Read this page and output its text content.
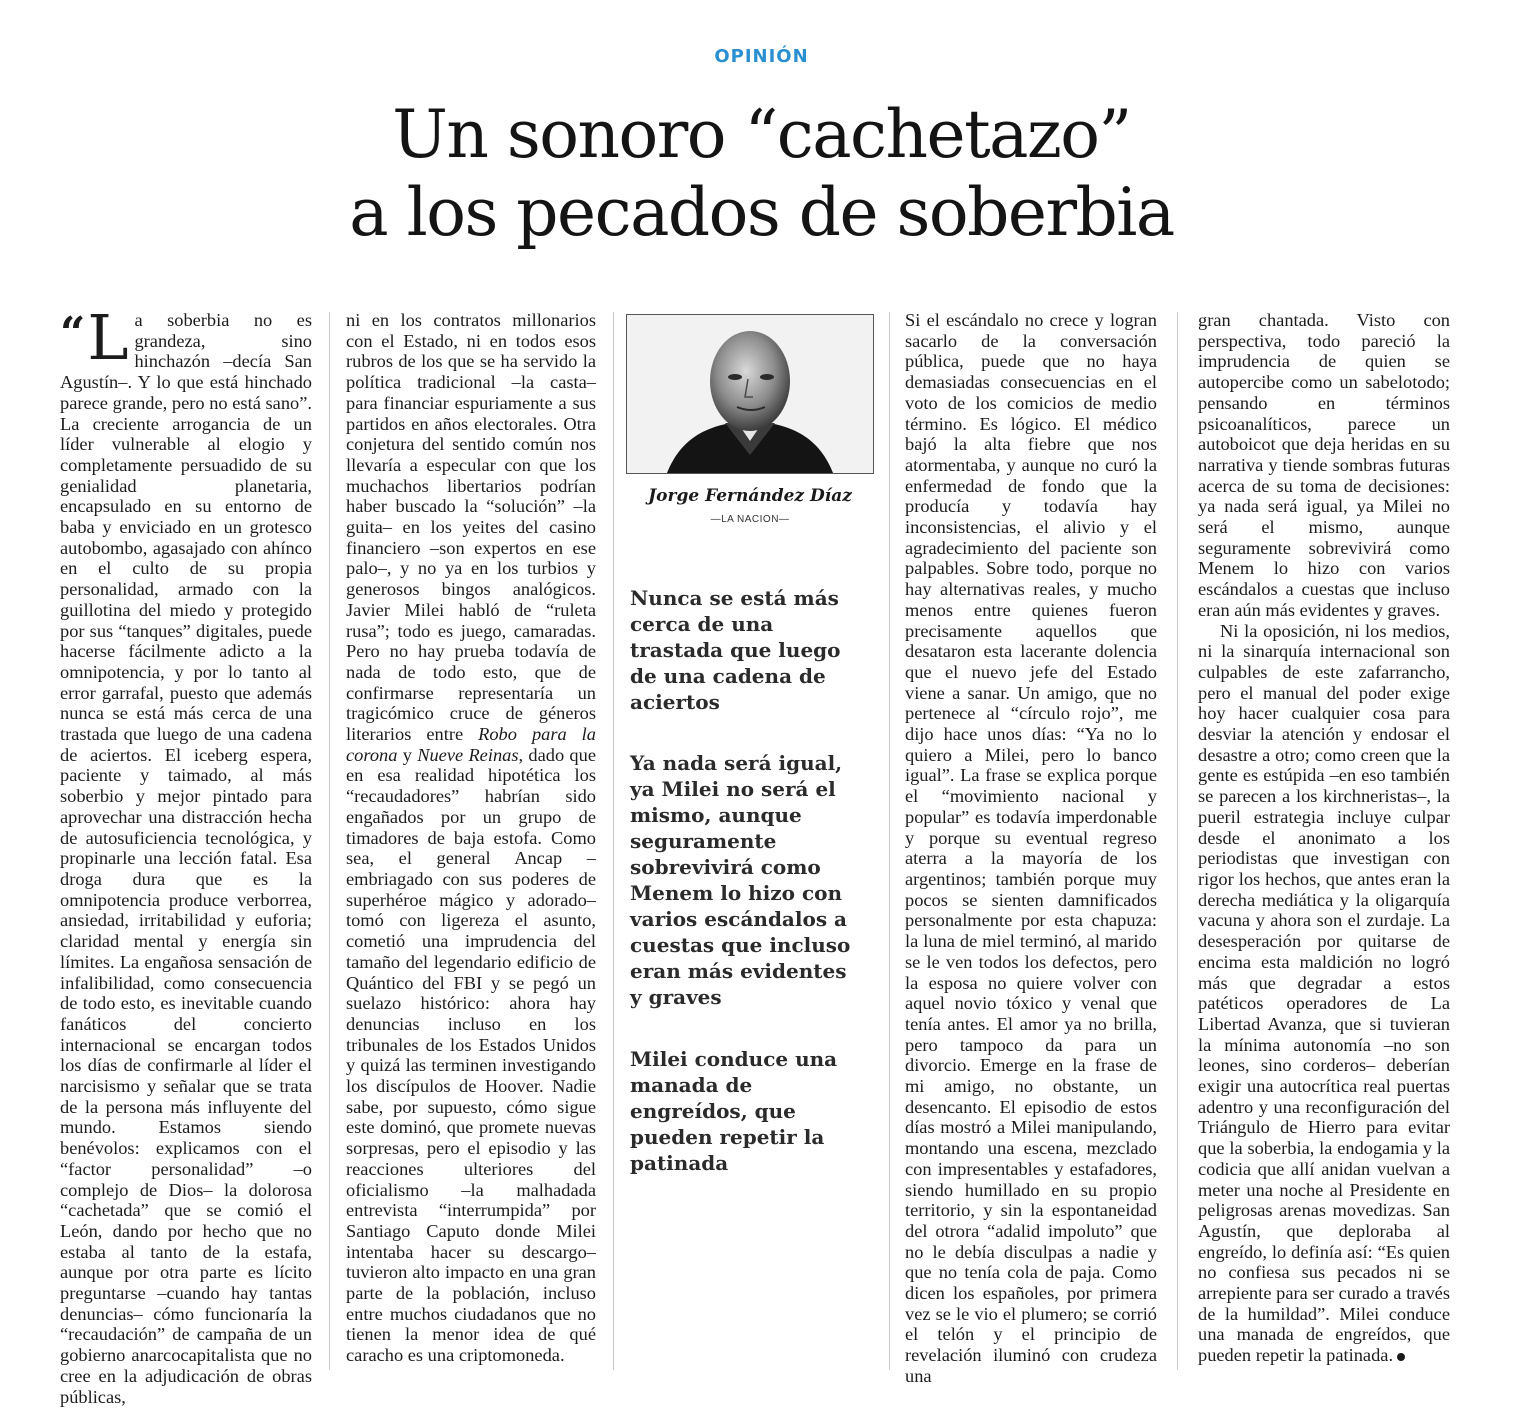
OPINIÓN
Un sonoro “cachetazo”
a los pecados de soberbia

“ L a soberbia no es grandeza, sino hinchazón –decía San Agustín–. Y lo que está hinchado parece grande, pero no está sano”. La creciente arrogancia de un líder vulnerable al elogio y completamente persuadido de su genialidad planetaria, encapsulado en su entorno de baba y enviciado en un grotesco autobombo, agasajado con ahínco en el culto de su propia personalidad, armado con la guillotina del miedo y protegido por sus “tanques” digitales, puede hacerse fácilmente adicto a la omnipotencia, y por lo tanto al error garrafal, puesto que además nunca se está más cerca de una trastada que luego de una cadena de aciertos. El iceberg espera, paciente y taimado, al más soberbio y mejor pintado para aprovechar una distracción hecha de autosuficiencia tecnológica, y propinarle una lección fatal. Esa droga dura que es la omnipotencia produce verborrea, ansiedad, irritabilidad y euforia; claridad mental y energía sin límites. La engañosa sensación de infalibilidad, como consecuencia de todo esto, es inevitable cuando fanáticos del concierto internacional se encargan todos los días de confirmarle al líder el narcisismo y señalar que se trata de la persona más influyente del mundo. Estamos siendo benévolos: explicamos con el “factor personalidad” –o complejo de Dios– la dolorosa “cachetada” que se comió el León, dando por hecho que no estaba al tanto de la estafa, aunque por otra parte es lícito preguntarse –cuando hay tantas denuncias– cómo funcionaría la “recaudación” de campaña de un gobierno anarcocapitalista que no cree en la adjudicación de obras públicas,

ni en los contratos millonarios con el Estado, ni en todos esos rubros de los que se ha servido la política tradicional –la casta– para financiar espuriamente a sus partidos en años electorales. Otra conjetura del sentido común nos llevaría a especular con que los muchachos libertarios podrían haber buscado la “solución” –la guita– en los yeites del casino financiero –son expertos en ese palo–, y no ya en los turbios y generosos bingos analógicos. Javier Milei habló de “ruleta rusa”; todo es juego, camaradas. Pero no hay prueba todavía de nada de todo esto, que de confirmarse representaría un tragicómico cruce de géneros literarios entre Robo para la corona y Nueve Reinas, dado que en esa realidad hipotética los “recaudadores” habrían sido engañados por un grupo de timadores de baja estofa. Como sea, el general Ancap –embriagado con sus poderes de superhéroe mágico y adorado– tomó con ligereza el asunto, cometió una imprudencia del tamaño del legendario edificio de Quántico del FBI y se pegó un suelazo histórico: ahora hay denuncias incluso en los tribunales de los Estados Unidos y quizá las terminen investigando los discípulos de Hoover. Nadie sabe, por supuesto, cómo sigue este dominó, que promete nuevas sorpresas, pero el episodio y las reacciones ulteriores del oficialismo –la malhadada entrevista “interrumpida” por Santiago Caputo donde Milei intentaba hacer su descargo– tuvieron alto impacto en una gran parte de la población, incluso entre muchos ciudadanos que no tienen la menor idea de qué caracho es una criptomoneda.

Jorge Fernández Díaz
—LA NACION—

Nunca se está más cerca de una trastada que luego de una cadena de aciertos

Ya nada será igual, ya Milei no será el mismo, aunque seguramente sobrevivirá como Menem lo hizo con varios escándalos a cuestas que incluso eran más evidentes y graves

Milei conduce una manada de engreídos, que pueden repetir la patinada

Si el escándalo no crece y logran sacarlo de la conversación pública, puede que no haya demasiadas consecuencias en el voto de los comicios de medio término. Es lógico. El médico bajó la alta fiebre que nos atormentaba, y aunque no curó la enfermedad de fondo que la producía y todavía hay inconsistencias, el alivio y el agradecimiento del paciente son palpables. Sobre todo, porque no hay alternativas reales, y mucho menos entre quienes fueron precisamente aquellos que desataron esta lacerante dolencia que el nuevo jefe del Estado viene a sanar. Un amigo, que no pertenece al “círculo rojo”, me dijo hace unos días: “Ya no lo quiero a Milei, pero lo banco igual”. La frase se explica porque el “movimiento nacional y popular” es todavía imperdonable y porque su eventual regreso aterra a la mayoría de los argentinos; también porque muy pocos se sienten damnificados personalmente por esta chapuza: la luna de miel terminó, al marido se le ven todos los defectos, pero la esposa no quiere volver con aquel novio tóxico y venal que tenía antes. El amor ya no brilla, pero tampoco da para un divorcio. Emerge en la frase de mi amigo, no obstante, un desencanto. El episodio de estos días mostró a Milei manipulando, montando una escena, mezclado con impresentables y estafadores, siendo humillado en su propio territorio, y sin la espontaneidad del otrora “adalid impoluto” que no le debía disculpas a nadie y que no tenía cola de paja. Como dicen los españoles, por primera vez se le vio el plumero; se corrió el telón y el principio de revelación iluminó con crudeza una

gran chantada. Visto con perspectiva, todo pareció la imprudencia de quien se autopercibe como un sabelotodo; pensando en términos psicoanalíticos, parece un autoboicot que deja heridas en su narrativa y tiende sombras futuras acerca de su toma de decisiones: ya nada será igual, ya Milei no será el mismo, aunque seguramente sobrevivirá como Menem lo hizo con varios escándalos a cuestas que incluso eran aún más evidentes y graves.

Ni la oposición, ni los medios, ni la sinarquía internacional son culpables de este zafarrancho, pero el manual del poder exige hoy hacer cualquier cosa para desviar la atención y endosar el desastre a otro; como creen que la gente es estúpida –en eso también se parecen a los kirchneristas–, la pueril estrategia incluye culpar desde el anonimato a los periodistas que investigan con rigor los hechos, que antes eran la derecha mediática y la oligarquía vacuna y ahora son el zurdaje. La desesperación por quitarse de encima esta maldición no logró más que degradar a estos patéticos operadores de La Libertad Avanza, que si tuvieran la mínima autonomía –no son leones, sino corderos– deberían exigir una autocrítica real puertas adentro y una reconfiguración del Triángulo de Hierro para evitar que la soberbia, la endogamia y la codicia que allí anidan vuelvan a meter una noche al Presidente en peligrosas arenas movedizas. San Agustín, que deploraba al engreído, lo definía así: “Es quien no confiesa sus pecados ni se arrepiente para ser curado a través de la humildad”. Milei conduce una manada de engreídos, que pueden repetir la patinada.
